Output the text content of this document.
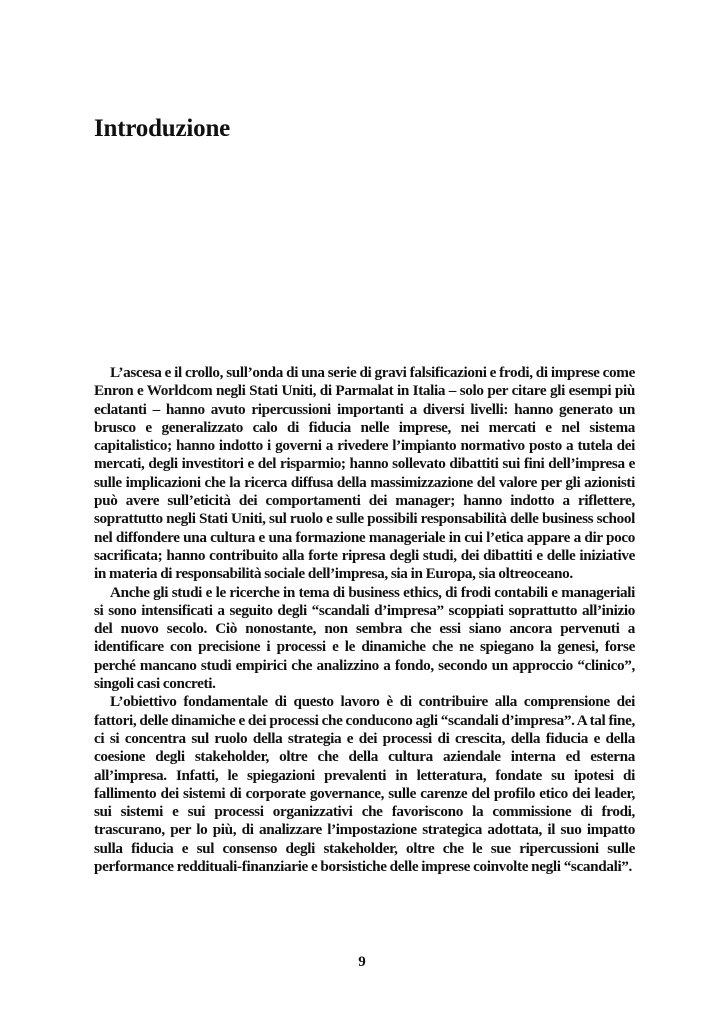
Introduzione

L’ascesa e il crollo, sull’onda di una serie di gravi falsificazioni e frodi, di imprese come Enron e Worldcom negli Stati Uniti, di Parmalat in Italia – solo per citare gli esempi più eclatanti – hanno avuto ripercussioni importanti a diversi livelli: hanno generato un brusco e generalizzato calo di fiducia nelle imprese, nei mercati e nel sistema capitalistico; hanno indotto i governi a rivedere l’impianto normativo posto a tutela dei mercati, degli investitori e del risparmio; hanno sollevato dibattiti sui fini dell’impresa e sulle implicazioni che la ricerca diffusa della massimizzazione del valore per gli azionisti può avere sull’eticità dei comportamenti dei manager; hanno indotto a riflettere, soprattutto negli Stati Uniti, sul ruolo e sulle possibili responsabilità delle business school nel diffondere una cultura e una formazione manageriale in cui l’etica appare a dir poco sacrificata; hanno contribuito alla forte ripresa degli studi, dei dibattiti e delle iniziative in materia di responsabilità sociale dell’impresa, sia in Europa, sia oltreoceano.

Anche gli studi e le ricerche in tema di business ethics, di frodi contabili e manageriali si sono intensificati a seguito degli “scandali d’impresa” scoppiati soprattutto all’inizio del nuovo secolo. Ciò nonostante, non sembra che essi siano ancora pervenuti a identificare con precisione i processi e le dinamiche che ne spiegano la genesi, forse perché mancano studi empirici che analizzino a fondo, secondo un approccio “clinico”, singoli casi concreti.

L’obiettivo fondamentale di questo lavoro è di contribuire alla comprensione dei fattori, delle dinamiche e dei processi che conducono agli “scandali d’impresa”. A tal fine, ci si concentra sul ruolo della strategia e dei processi di crescita, della fiducia e della coesione degli stakeholder, oltre che della cultura aziendale interna ed esterna all’impresa. Infatti, le spiegazioni prevalenti in letteratura, fondate su ipotesi di fallimento dei sistemi di corporate governance, sulle carenze del profilo etico dei leader, sui sistemi e sui processi organizzativi che favoriscono la commissione di frodi, trascurano, per lo più, di analizzare l’impostazione strategica adottata, il suo impatto sulla fiducia e sul consenso degli stakeholder, oltre che le sue ripercussioni sulle performance reddituali-finanziarie e borsistiche delle imprese coinvolte negli “scandali”.

9
